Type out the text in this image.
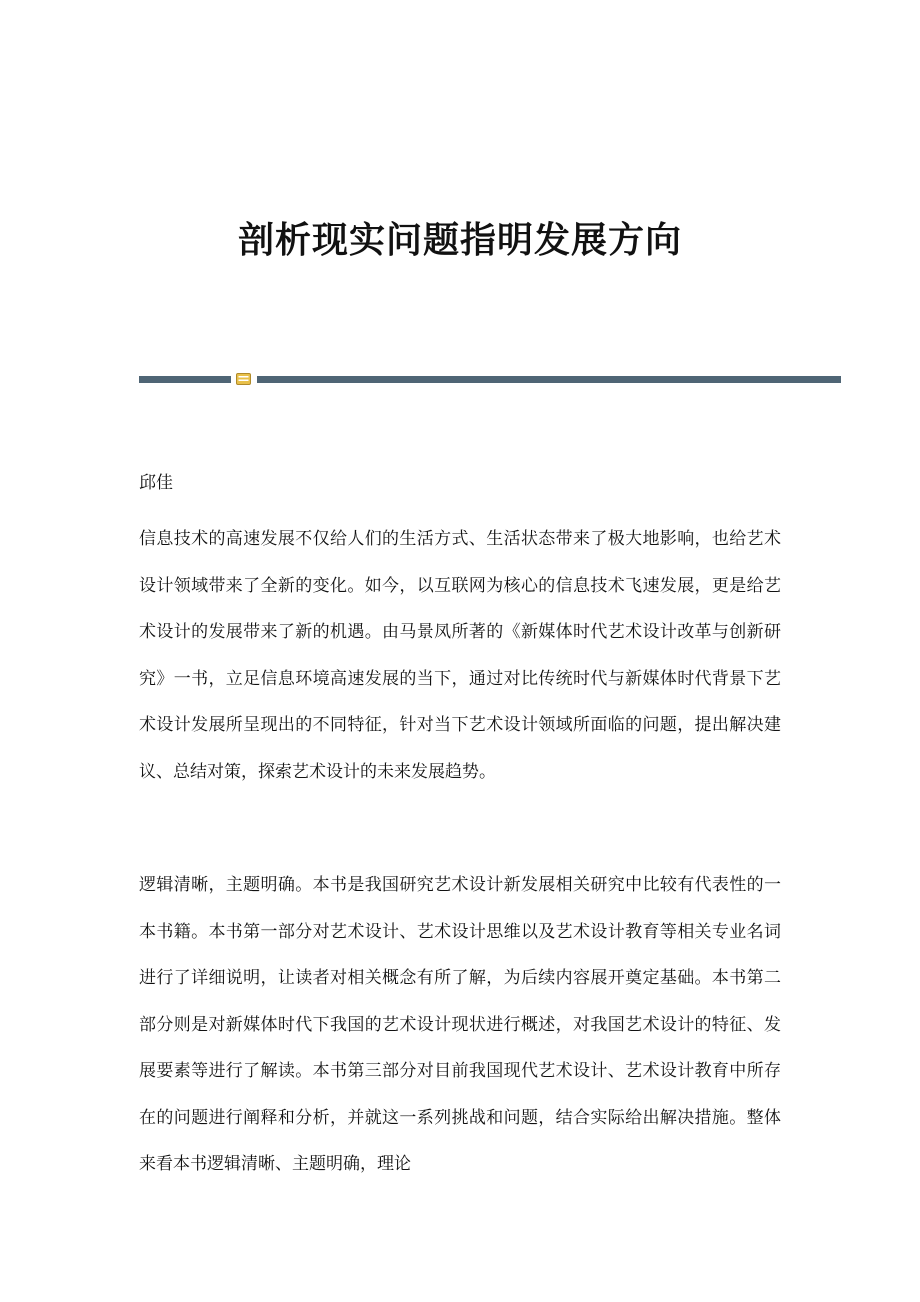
剖析现实问题指明发展方向

邱佳

信息技术的高速发展不仅给人们的生活方式、生活状态带来了极大地影响，也给艺术设计领域带来了全新的变化。如今，以互联网为核心的信息技术飞速发展，更是给艺术设计的发展带来了新的机遇。由马景凤所著的《新媒体时代艺术设计改革与创新研究》一书，立足信息环境高速发展的当下，通过对比传统时代与新媒体时代背景下艺术设计发展所呈现出的不同特征，针对当下艺术设计领域所面临的问题，提出解决建议、总结对策，探索艺术设计的未来发展趋势。

逻辑清晰，主题明确。本书是我国研究艺术设计新发展相关研究中比较有代表性的一本书籍。本书第一部分对艺术设计、艺术设计思维以及艺术设计教育等相关专业名词进行了详细说明，让读者对相关概念有所了解，为后续内容展开奠定基础。本书第二部分则是对新媒体时代下我国的艺术设计现状进行概述，对我国艺术设计的特征、发展要素等进行了解读。本书第三部分对目前我国现代艺术设计、艺术设计教育中所存在的问题进行阐释和分析，并就这一系列挑战和问题，结合实际给出解决措施。整体来看本书逻辑清晰、主题明确，理论
